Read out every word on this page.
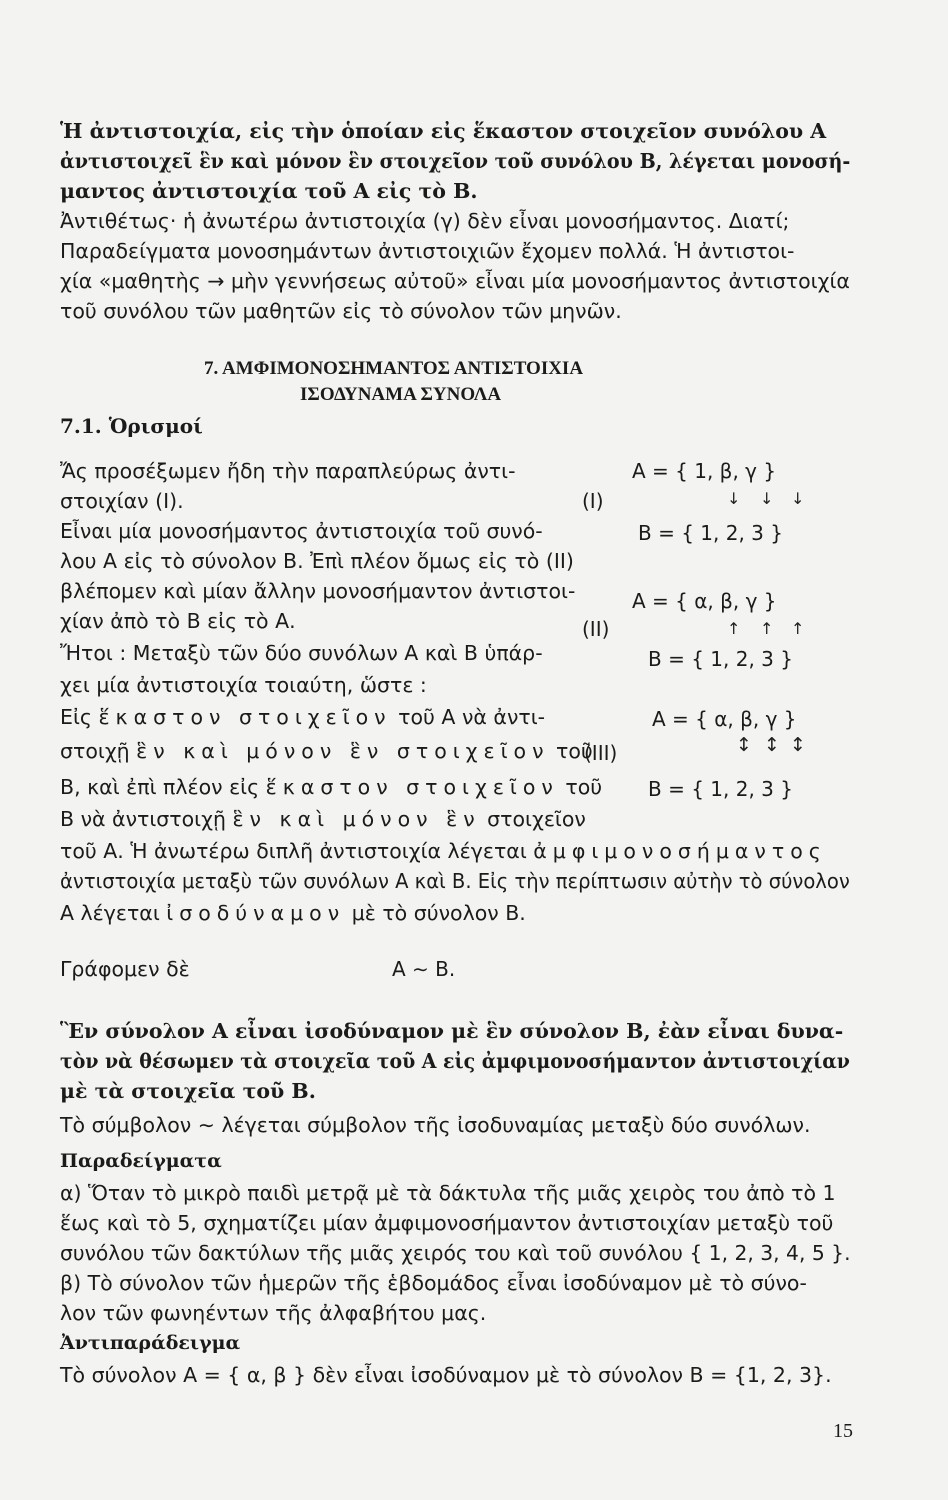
Ἡ ἀντιστοιχία, εἰς τὴν ὁποίαν εἰς ἕκαστον στοιχεῖον συνόλου Α
ἀντιστοιχεῖ ἓν καὶ μόνον ἓν στοιχεῖον τοῦ συνόλου Β, λέγεται μονοσή-
μαντος ἀντιστοιχία τοῦ Α εἰς τὸ Β.
Ἀντιθέτως· ἡ ἀνωτέρω ἀντιστοιχία (γ) δὲν εἶναι μονοσήμαντος. Διατί;
Παραδείγματα μονοσημάντων ἀντιστοιχιῶν ἔχομεν πολλά. Ἡ ἀντιστοι-
χία «μαθητὴς → μὴν γεννήσεως αὐτοῦ» εἶναι μία μονοσήμαντος ἀντιστοιχία
τοῦ συνόλου τῶν μαθητῶν εἰς τὸ σύνολον τῶν μηνῶν.
7. ΑΜΦΙΜΟΝΟΣΗΜΑΝΤΟΣ ΑΝΤΙΣΤΟΙΧΙΑ
ΙΣΟΔΥΝΑΜΑ ΣΥΝΟΛΑ
7.1. Ὁρισμοί
Ἄς προσέξωμεν ἤδη τὴν παραπλεύρως ἀντι-
στοιχίαν (I).
Εἶναι μία μονοσήμαντος ἀντιστοιχία τοῦ συνό-
λου Α εἰς τὸ σύνολον Β. Ἐπὶ πλέον ὅμως εἰς τὸ (II)
βλέπομεν καὶ μίαν ἄλλην μονοσήμαντον ἀντιστοι-
χίαν ἀπὸ τὸ Β εἰς τὸ Α.
Ἤτοι : Μεταξὺ τῶν δύο συνόλων Α καὶ Β ὑπάρ-
χει μία ἀντιστοιχία τοιαύτη, ὥστε :
Εἰς ἕκαστον στοιχεῖον τοῦ Α νὰ ἀντι-
στοιχῇ ἓν καὶ μόνον ἓν στοιχεῖον τοῦ
Β, καὶ ἐπὶ πλέον εἰς ἕκαστον στοιχεῖον τοῦ
Β νὰ ἀντιστοιχῇ ἓν καὶ μόνον ἓν στοιχεῖον
τοῦ Α. Ἡ ἀνωτέρω διπλῆ ἀντιστοιχία λέγεται ἀμφιμονοσήμαντος
ἀντιστοιχία μεταξὺ τῶν συνόλων Α καὶ Β. Εἰς τὴν περίπτωσιν αὐτὴν τὸ σύνολον
Α λέγεται ἰσοδύναμον μὲ τὸ σύνολον Β.
Γράφομεν δὲ	Α ∼ Β.
Α = { 1, β, γ }
(I)	↓ ↓ ↓
Β = { 1, 2, 3 }
Α = { α, β, γ }
(II)	↑ ↑ ↑
Β = { 1, 2, 3 }
Α = { α, β, γ }
(III)	↕ ↕ ↕
Β = { 1, 2, 3 }
Ἓν σύνολον Α εἶναι ἰσοδύναμον μὲ ἓν σύνολον Β, ἐὰν εἶναι δυνα-
τὸν νὰ θέσωμεν τὰ στοιχεῖα τοῦ Α εἰς ἀμφιμονοσήμαντον ἀντιστοιχίαν
μὲ τὰ στοιχεῖα τοῦ Β.
Τὸ σύμβολον ∼ λέγεται σύμβολον τῆς ἰσοδυναμίας μεταξὺ δύο συνόλων.
Παραδείγματα
α) Ὅταν τὸ μικρὸ παιδὶ μετρᾷ μὲ τὰ δάκτυλα τῆς μιᾶς χειρὸς του ἀπὸ τὸ 1
ἕως καὶ τὸ 5, σχηματίζει μίαν ἀμφιμονοσήμαντον ἀντιστοιχίαν μεταξὺ τοῦ
συνόλου τῶν δακτύλων τῆς μιᾶς χειρός του καὶ τοῦ συνόλου { 1, 2, 3, 4, 5 }.
β) Τὸ σύνολον τῶν ἡμερῶν τῆς ἑβδομάδος εἶναι ἰσοδύναμον μὲ τὸ σύνο-
λον τῶν φωνηέντων τῆς ἀλφαβήτου μας.
Ἀντιπαράδειγμα
Τὸ σύνολον Α = { α, β } δὲν εἶναι ἰσοδύναμον μὲ τὸ σύνολον Β = {1, 2, 3}.
15
